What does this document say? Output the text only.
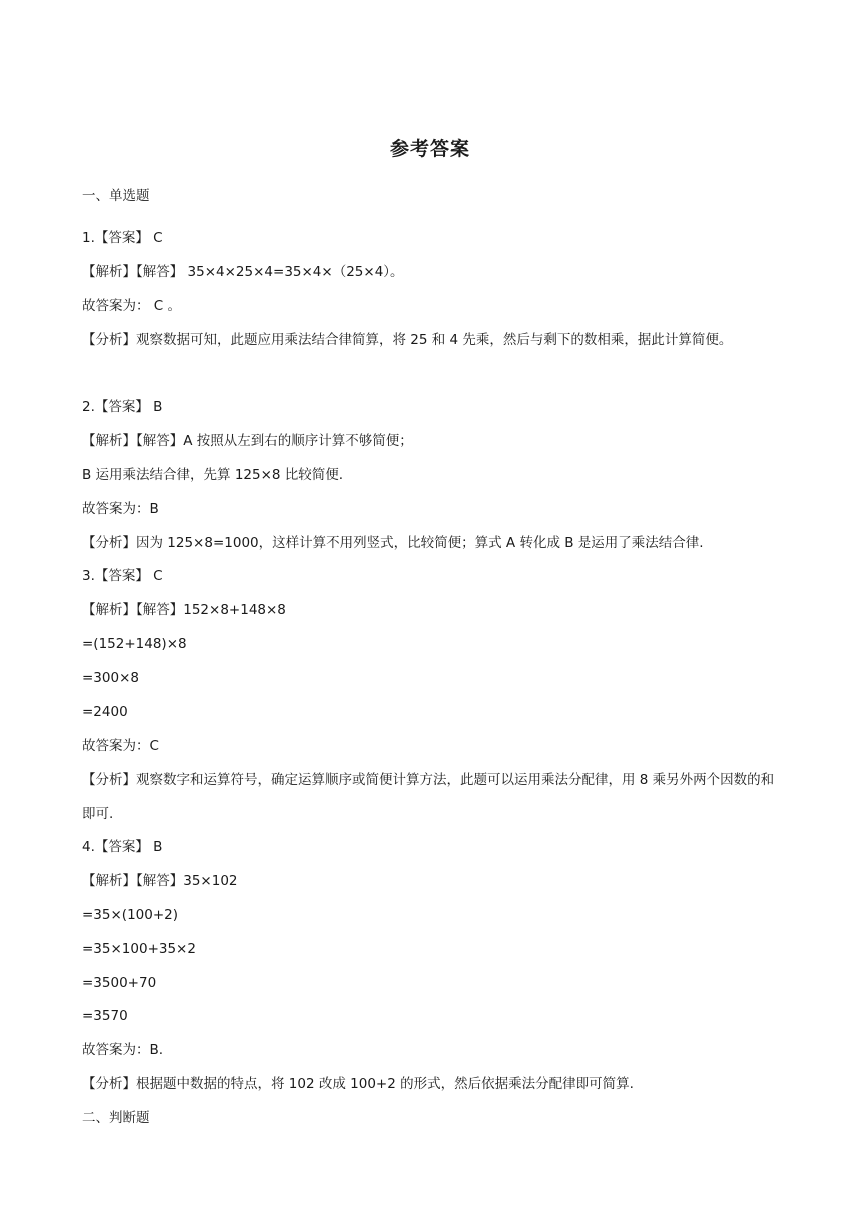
参考答案
一、单选题
1.【答案】 C
【解析】【解答】 35×4×25×4=35×4×（25×4）。
故答案为： C 。
【分析】观察数据可知，此题应用乘法结合律简算，将 25 和 4 先乘，然后与剩下的数相乘，据此计算简便。
2.【答案】 B
【解析】【解答】A 按照从左到右的顺序计算不够简便；
B 运用乘法结合律，先算 125×8 比较简便.
故答案为：B
【分析】因为 125×8=1000，这样计算不用列竖式，比较简便；算式 A 转化成 B 是运用了乘法结合律.
3.【答案】 C
【解析】【解答】152×8+148×8
=(152+148)×8
=300×8
=2400
故答案为：C
【分析】观察数字和运算符号，确定运算顺序或简便计算方法，此题可以运用乘法分配律，用 8 乘另外两个因数的和即可.
4.【答案】 B
【解析】【解答】35×102
=35×(100+2)
=35×100+35×2
=3500+70
=3570
故答案为：B.
【分析】根据题中数据的特点，将 102 改成 100+2 的形式，然后依据乘法分配律即可简算.
二、判断题
